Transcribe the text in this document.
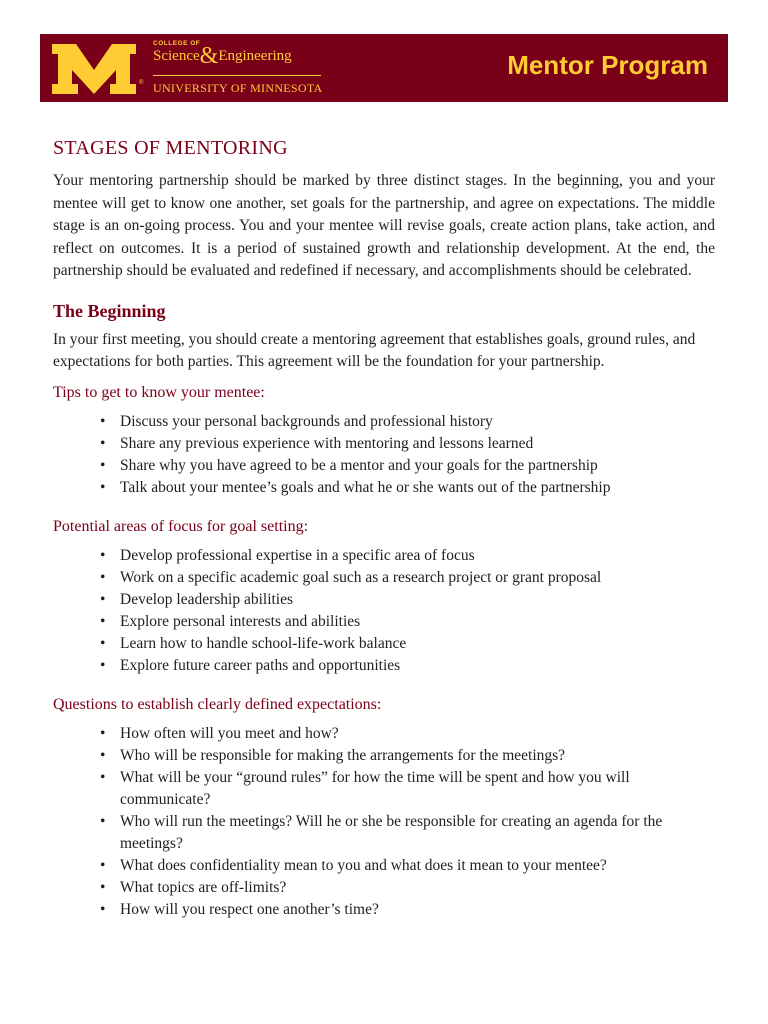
®
COLLEGE OF
Science&Engineering
UNIVERSITY OF MINNESOTA
Mentor Program
STAGES OF MENTORING

Your mentoring partnership should be marked by three distinct stages. In the beginning, you and your mentee will get to know one another, set goals for the partnership, and agree on expectations. The middle stage is an on-going process. You and your mentee will revise goals, create action plans, take action, and reflect on outcomes. It is a period of sustained growth and relationship development. At the end, the partnership should be evaluated and redefined if necessary, and accomplishments should be celebrated.

The Beginning

In your first meeting, you should create a mentoring agreement that establishes goals, ground rules, and expectations for both parties. This agreement will be the foundation for your partnership.

Tips to get to know your mentee:
• Discuss your personal backgrounds and professional history
• Share any previous experience with mentoring and lessons learned
• Share why you have agreed to be a mentor and your goals for the partnership
• Talk about your mentee’s goals and what he or she wants out of the partnership
Potential areas of focus for goal setting:
• Develop professional expertise in a specific area of focus
• Work on a specific academic goal such as a research project or grant proposal
• Develop leadership abilities
• Explore personal interests and abilities
• Learn how to handle school-life-work balance
• Explore future career paths and opportunities
Questions to establish clearly defined expectations:
• How often will you meet and how?
• Who will be responsible for making the arrangements for the meetings?
• What will be your “ground rules” for how the time will be spent and how you will communicate?
• Who will run the meetings? Will he or she be responsible for creating an agenda for the meetings?
• What does confidentiality mean to you and what does it mean to your mentee?
• What topics are off-limits?
• How will you respect one another’s time?
